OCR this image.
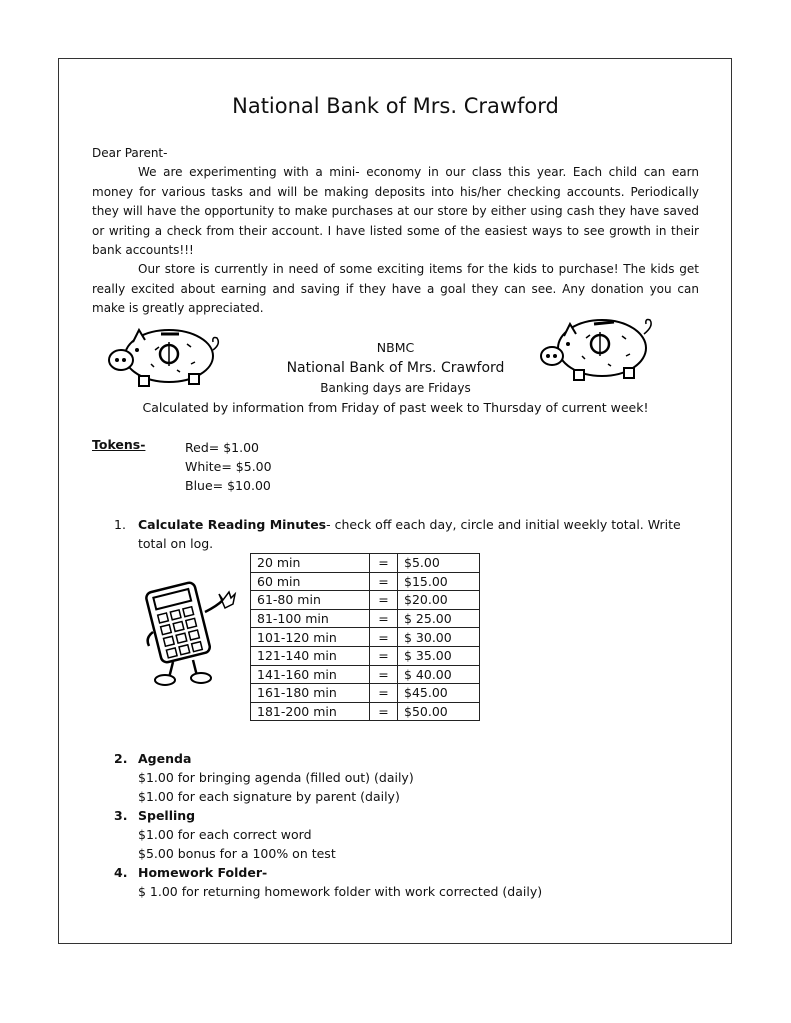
National Bank of Mrs. Crawford

Dear Parent-

We are experimenting with a mini- economy in our class this year. Each child can earn money for various tasks and will be making deposits into his/her checking accounts. Periodically they will have the opportunity to make purchases at our store by either using cash they have saved or writing a check from their account. I have listed some of the easiest ways to see growth in their bank accounts!!!

Our store is currently in need of some exciting items for the kids to purchase! The kids get really excited about earning and saving if they have a goal they can see. Any donation you can make is greatly appreciated.

NBMC
National Bank of Mrs. Crawford
Banking days are Fridays
Calculated by information from Friday of past week to Thursday of current week!
Tokens-	Red= $1.00
White= $5.00
Blue= $10.00
1. Calculate Reading Minutes- check off each day, circle and initial weekly total. Write
total on log.
20 min	=	$5.00
60 min	=	$15.00
61-80 min	=	$20.00
81-100 min	=	$ 25.00
101-120 min	=	$ 30.00
121-140 min	=	$ 35.00
141-160 min	=	$ 40.00
161-180 min	=	$45.00
181-200 min	=	$50.00
2. Agenda
$1.00 for bringing agenda (filled out) (daily)
$1.00 for each signature by parent (daily)
3. Spelling
$1.00 for each correct word
$5.00 bonus for a 100% on test
4. Homework Folder-
$ 1.00 for returning homework folder with work corrected (daily)
